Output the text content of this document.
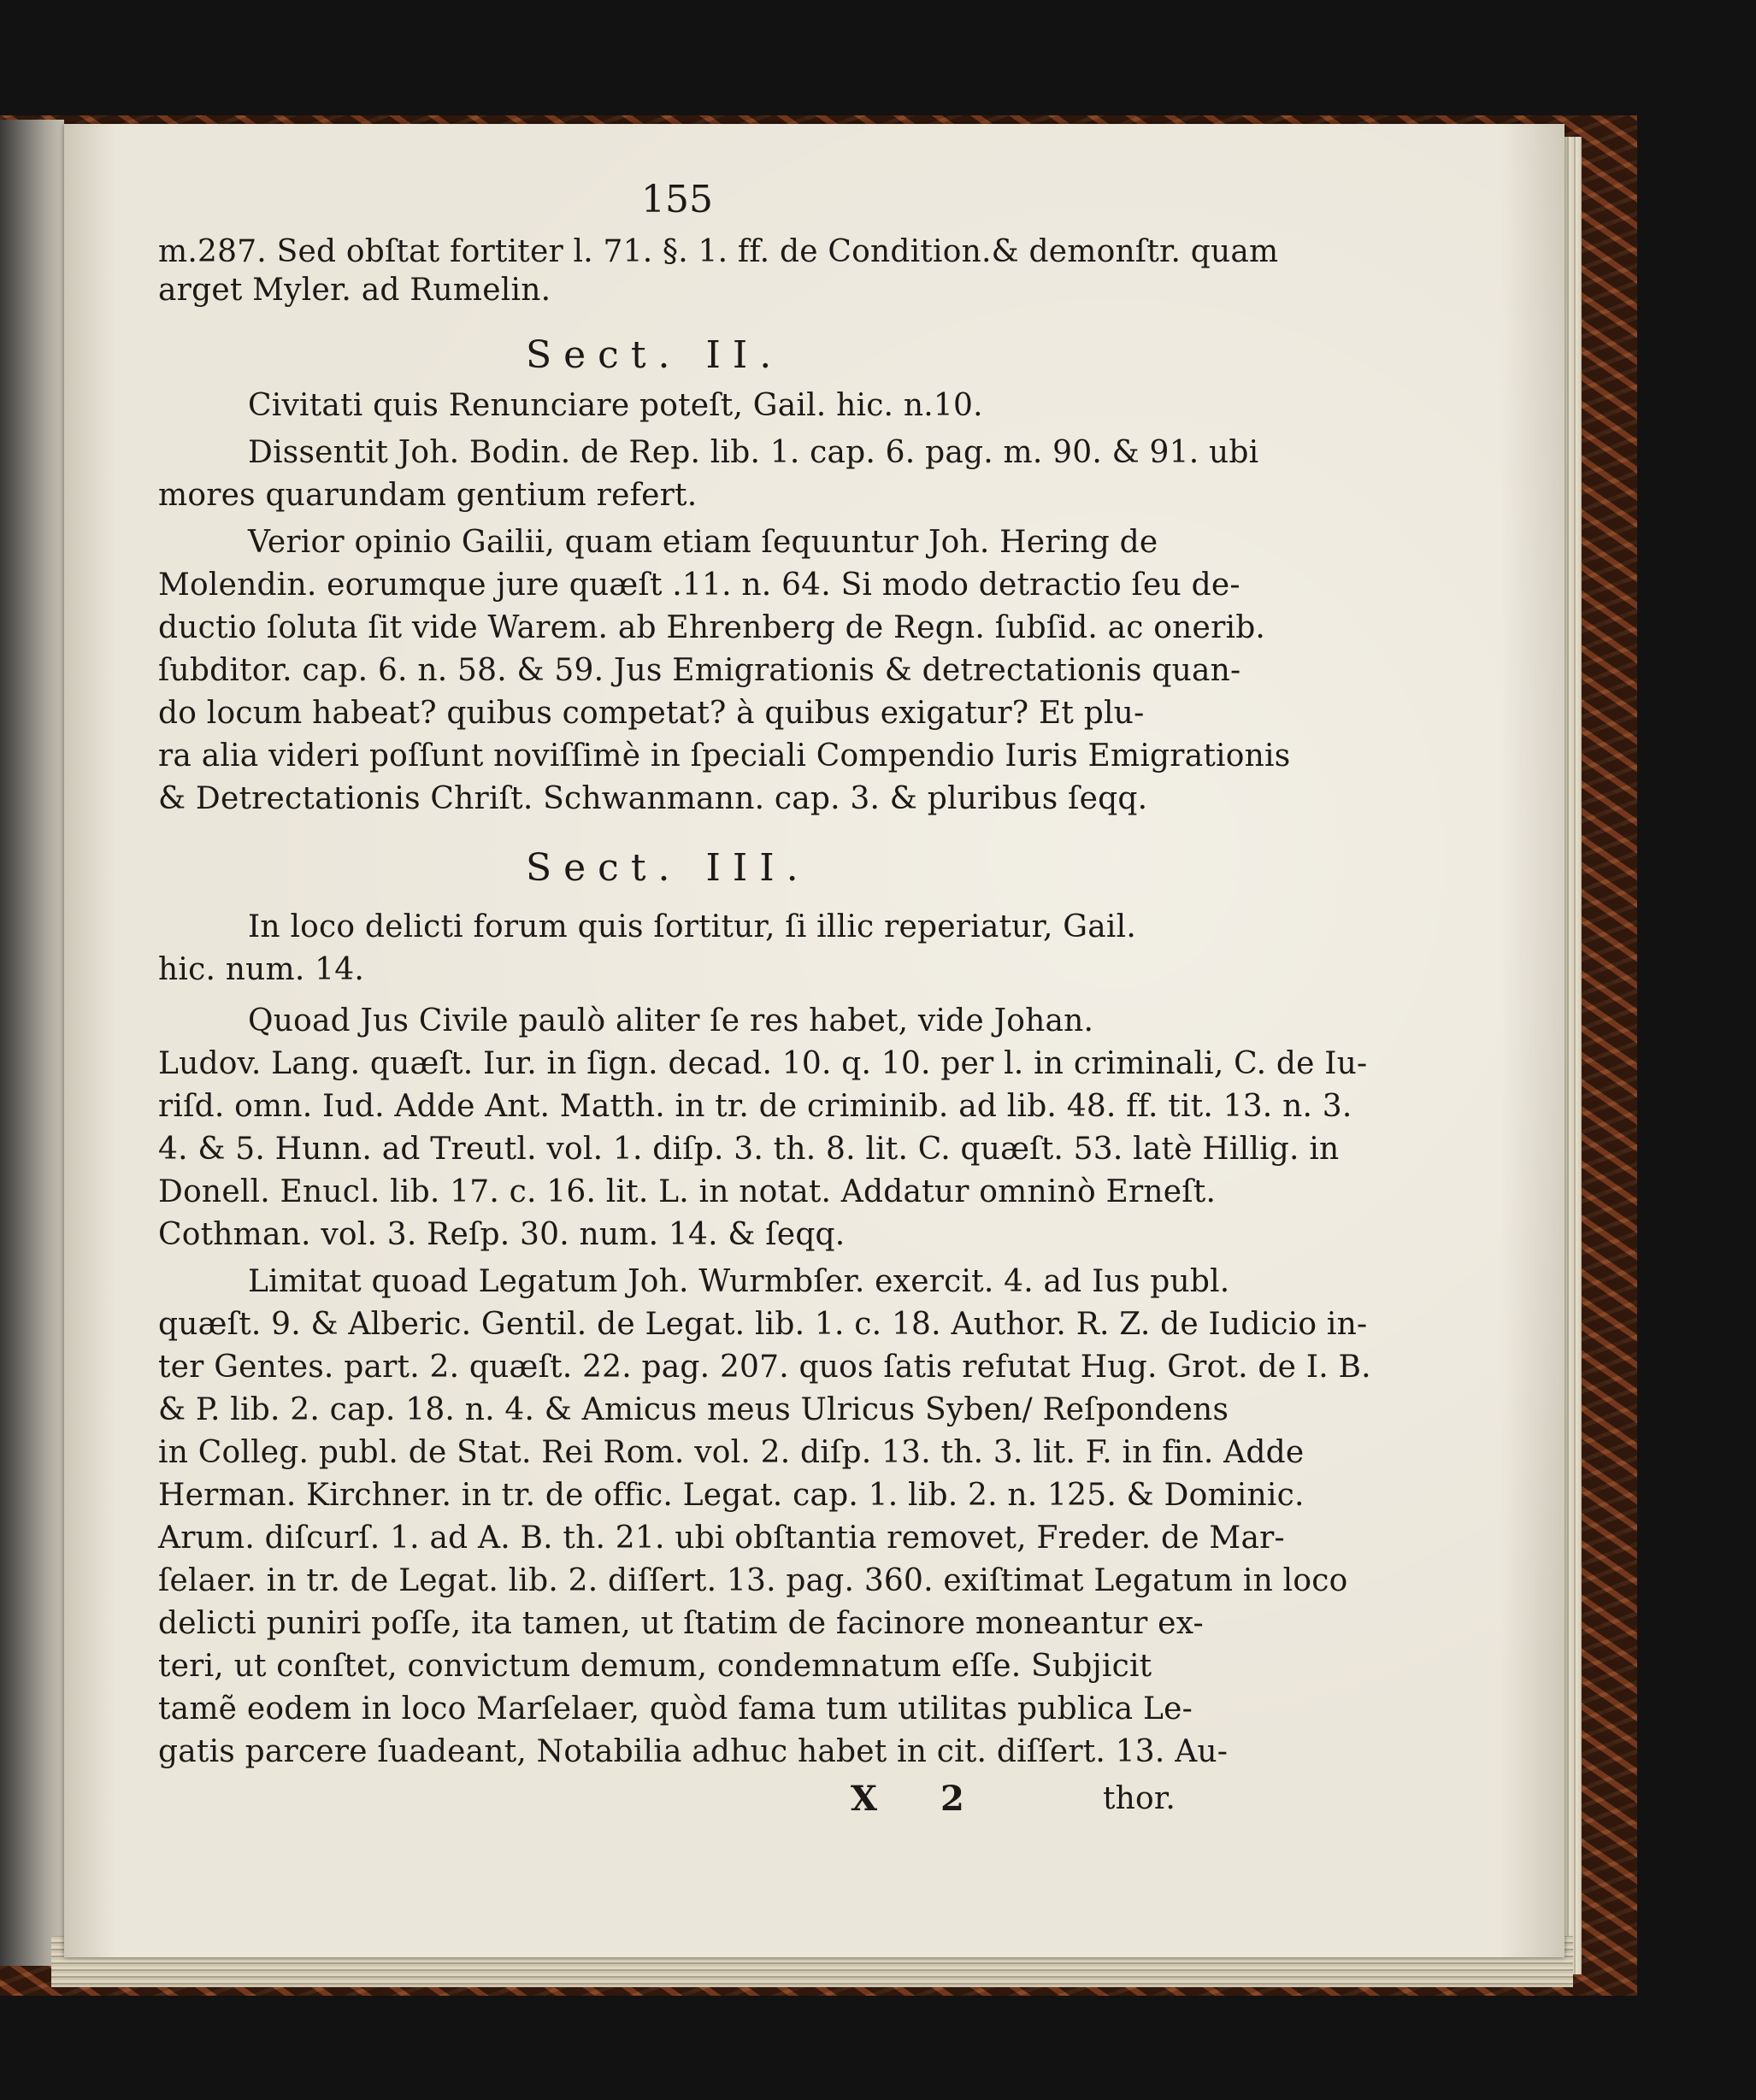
155
m.287. Sed obſtat fortiter l. 71. §. 1. ff. de Condition.& demonſtr. quam
arget Myler. ad Rumelin.
Sect. II.
Civitati quis Renunciare poteſt, Gail. hic. n.10.
Dissentit Joh. Bodin. de Rep. lib. 1. cap. 6. pag. m. 90. & 91. ubi
mores quarundam gentium refert.
Verior opinio Gailii, quam etiam ſequuntur Joh. Hering de
Molendin. eorumque jure quæſt .11. n. 64. Si modo detractio ſeu de-
ductio ſoluta ſit vide Warem. ab Ehrenberg de Regn. ſubſid. ac onerib.
ſubditor. cap. 6. n. 58. & 59. Jus Emigrationis & detrectationis quan-
do locum habeat? quibus competat? à quibus exigatur? Et plu-
ra alia videri poſſunt noviſſimè in ſpeciali Compendio Iuris Emigrationis
& Detrectationis Chriſt. Schwanmann. cap. 3. & pluribus ſeqq.
Sect. III.
In loco delicti forum quis ſortitur, ſi illic reperiatur, Gail.
hic. num. 14.
Quoad Jus Civile paulò aliter ſe res habet, vide Johan.
Ludov. Lang. quæſt. Iur. in ſign. decad. 10. q. 10. per l. in criminali, C. de Iu-
riſd. omn. Iud. Adde Ant. Matth. in tr. de criminib. ad lib. 48. ff. tit. 13. n. 3.
4. & 5. Hunn. ad Treutl. vol. 1. diſp. 3. th. 8. lit. C. quæſt. 53. latè Hillig. in
Donell. Enucl. lib. 17. c. 16. lit. L. in notat. Addatur omninò Erneſt.
Cothman. vol. 3. Reſp. 30. num. 14. & ſeqq.
Limitat quoad Legatum Joh. Wurmbſer. exercit. 4. ad Ius publ.
quæſt. 9. & Alberic. Gentil. de Legat. lib. 1. c. 18. Author. R. Z. de Iudicio in-
ter Gentes. part. 2. quæſt. 22. pag. 207. quos ſatis refutat Hug. Grot. de I. B.
& P. lib. 2. cap. 18. n. 4. & Amicus meus Ulricus Syben/ Reſpondens
in Colleg. publ. de Stat. Rei Rom. vol. 2. diſp. 13. th. 3. lit. F. in fin. Adde
Herman. Kirchner. in tr. de offic. Legat. cap. 1. lib. 2. n. 125. & Dominic.
Arum. diſcurſ. 1. ad A. B. th. 21. ubi obſtantia removet, Freder. de Mar-
ſelaer. in tr. de Legat. lib. 2. diſſert. 13. pag. 360. exiſtimat Legatum in loco
delicti puniri poſſe, ita tamen, ut ſtatim de facinore moneantur ex-
teri, ut conſtet, convictum demum, condemnatum eſſe. Subjicit
tamẽ eodem in loco Marſelaer, quòd fama tum utilitas publica Le-
gatis parcere ſuadeant, Notabilia adhuc habet in cit. diſſert. 13. Au-
X 2	thor.
